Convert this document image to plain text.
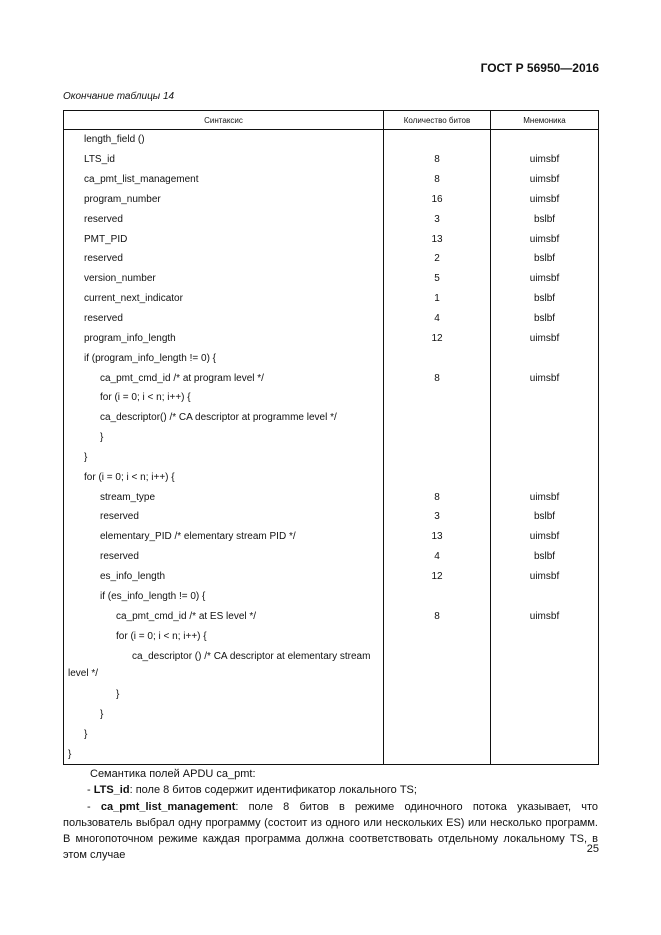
ГОСТ Р 56950—2016
Окончание таблицы 14
Синтаксис	Количество битов	Мнемоника
length_field ()		
LTS_id	8	uimsbf
ca_pmt_list_management	8	uimsbf
program_number	16	uimsbf
reserved	3	bslbf
PMT_PID	13	uimsbf
reserved	2	bslbf
version_number	5	uimsbf
current_next_indicator	1	bslbf
reserved	4	bslbf
program_info_length	12	uimsbf
if (program_info_length != 0) {		
ca_pmt_cmd_id /* at program level */	8	uimsbf
for (i = 0; i < n; i++) {		
ca_descriptor() /* CA descriptor at programme level */		
}		
}		
for (i = 0; i < n; i++) {		
stream_type	8	uimsbf
reserved	3	bslbf
elementary_PID /* elementary stream PID */	13	uimsbf
reserved	4	bslbf
es_info_length	12	uimsbf
if (es_info_length != 0) {		
ca_pmt_cmd_id /* at ES level */	8	uimsbf
for (i = 0; i < n; i++) {		

ca_descriptor () /* CA descriptor at elementary stream
level */		
}		
}		
}		
}		

Семантика полей APDU ca_pmt:

- LTS_id: поле 8 битов содержит идентификатор локального TS;

- ca_pmt_list_management: поле 8 битов в режиме одиночного потока указывает, что пользователь выбрал одну программу (состоит из одного или нескольких ES) или несколько программ. В многопоточном режиме каждая программа должна соответствовать отдельному локальному TS, в этом случае

25
